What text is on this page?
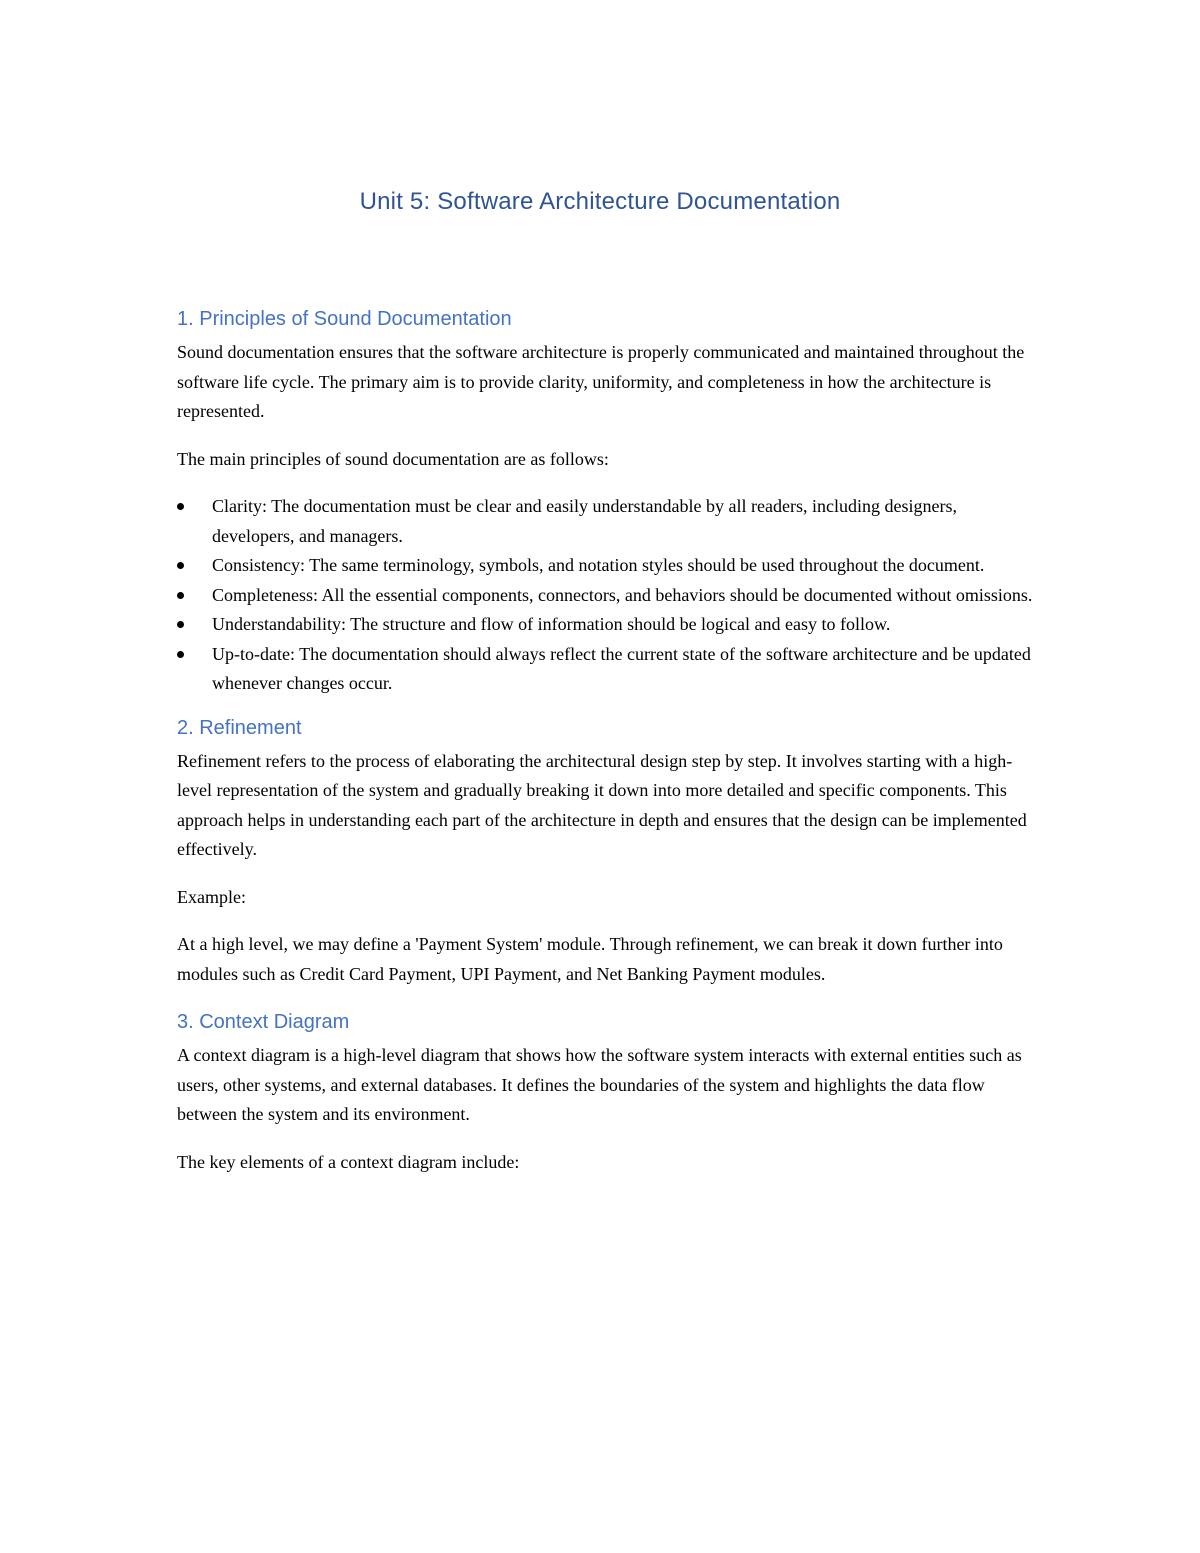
Unit 5: Software Architecture Documentation
1. Principles of Sound Documentation

Sound documentation ensures that the software architecture is properly communicated and maintained throughout the software life cycle. The primary aim is to provide clarity, uniformity, and completeness in how the architecture is represented.

The main principles of sound documentation are as follows:

Clarity: The documentation must be clear and easily understandable by all readers, including designers, developers, and managers.
Consistency: The same terminology, symbols, and notation styles should be used throughout the document.
Completeness: All the essential components, connectors, and behaviors should be documented without omissions.
Understandability: The structure and flow of information should be logical and easy to follow.
Up-to-date: The documentation should always reflect the current state of the software architecture and be updated whenever changes occur.
2. Refinement

Refinement refers to the process of elaborating the architectural design step by step. It involves starting with a high-level representation of the system and gradually breaking it down into more detailed and specific components. This approach helps in understanding each part of the architecture in depth and ensures that the design can be implemented effectively.

Example:

At a high level, we may define a 'Payment System' module. Through refinement, we can break it down further into modules such as Credit Card Payment, UPI Payment, and Net Banking Payment modules.

3. Context Diagram

A context diagram is a high-level diagram that shows how the software system interacts with external entities such as users, other systems, and external databases. It defines the boundaries of the system and highlights the data flow between the system and its environment.

The key elements of a context diagram include:
